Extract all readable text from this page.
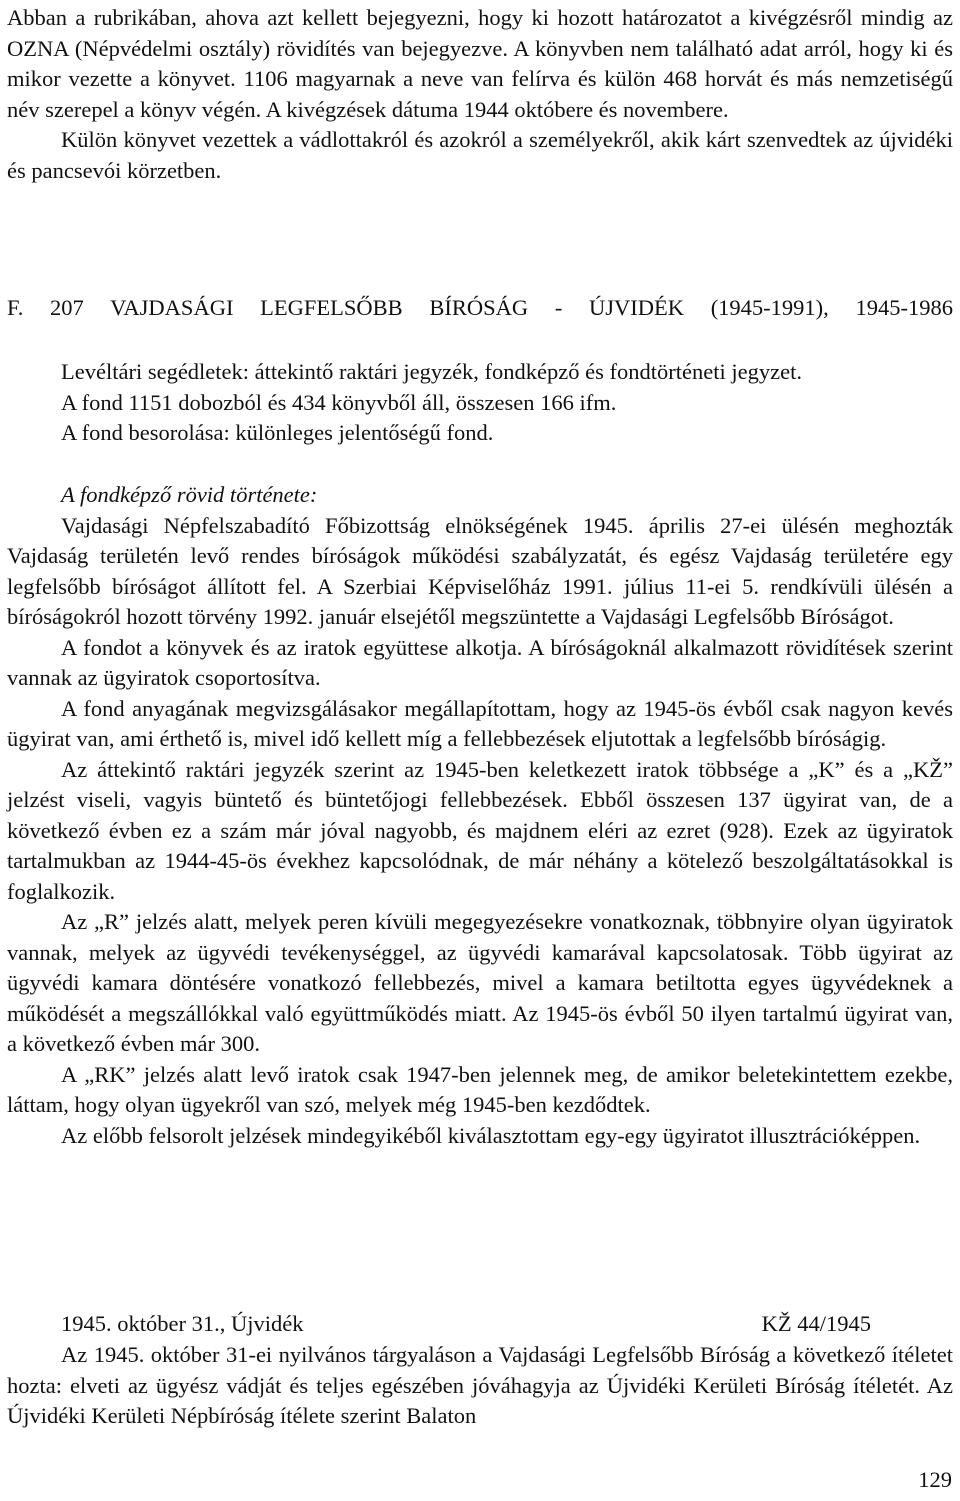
Abban a rubrikában, ahova azt kellett bejegyezni, hogy ki hozott határozatot a kivégzésről mindig az OZNA (Népvédelmi osztály) rövidítés van bejegyezve. A könyvben nem található adat arról, hogy ki és mikor vezette a könyvet. 1106 magyarnak a neve van felírva és külön 468 horvát és más nemzetiségű név szerepel a könyv végén. A kivégzések dátuma 1944 októbere és novembere.

Külön könyvet vezettek a vádlottakról és azokról a személyekről, akik kárt szenvedtek az újvidéki és pancsevói körzetben.

F. 207 VAJDASÁGI LEGFELSŐBB BÍRÓSÁG - ÚJVIDÉK (1945-1991), 1945-1986

Levéltári segédletek: áttekintő raktári jegyzék, fondképző és fondtörténeti jegyzet.

A fond 1151 dobozból és 434 könyvből áll, összesen 166 ifm.

A fond besorolása: különleges jelentőségű fond.

A fondképző rövid története:

Vajdasági Népfelszabadító Főbizottság elnökségének 1945. április 27-ei ülésén meghozták Vajdaság területén levő rendes bíróságok működési szabályzatát, és egész Vajdaság területére egy legfelsőbb bíróságot állított fel. A Szerbiai Képviselőház 1991. július 11-ei 5. rendkívüli ülésén a bíróságokról hozott törvény 1992. január elsejétől megszüntette a Vajdasági Legfelsőbb Bíróságot.

A fondot a könyvek és az iratok együttese alkotja. A bíróságoknál alkalmazott rövidítések szerint vannak az ügyiratok csoportosítva.

A fond anyagának megvizsgálásakor megállapítottam, hogy az 1945-ös évből csak nagyon kevés ügyirat van, ami érthető is, mivel idő kellett míg a fellebbezések eljutottak a legfelsőbb bíróságig.

Az áttekintő raktári jegyzék szerint az 1945-ben keletkezett iratok többsége a „K” és a „KŽ” jelzést viseli, vagyis büntető és büntetőjogi fellebbezések. Ebből összesen 137 ügyirat van, de a következő évben ez a szám már jóval nagyobb, és majdnem eléri az ezret (928). Ezek az ügyiratok tartalmukban az 1944-45-ös évekhez kapcsolódnak, de már néhány a kötelező beszolgáltatásokkal is foglalkozik.

Az „R” jelzés alatt, melyek peren kívüli megegyezésekre vonatkoznak, többnyire olyan ügyiratok vannak, melyek az ügyvédi tevékenységgel, az ügyvédi kamarával kapcsolatosak. Több ügyirat az ügyvédi kamara döntésére vonatkozó fellebbezés, mivel a kamara betiltotta egyes ügyvédeknek a működését a megszállókkal való együttműködés miatt. Az 1945-ös évből 50 ilyen tartalmú ügyirat van, a következő évben már 300.

A „RK” jelzés alatt levő iratok csak 1947-ben jelennek meg, de amikor beletekintettem ezekbe, láttam, hogy olyan ügyekről van szó, melyek még 1945-ben kezdődtek.

Az előbb felsorolt jelzések mindegyikéből kiválasztottam egy-egy ügyiratot illusztrációképpen.

1945. október 31., Újvidék	KŽ 44/1945

Az 1945. október 31-ei nyilvános tárgyaláson a Vajdasági Legfelsőbb Bíróság a következő ítéletet hozta: elveti az ügyész vádját és teljes egészében jóváhagyja az Újvidéki Kerületi Bíróság ítéletét. Az Újvidéki Kerületi Népbíróság ítélete szerint Balaton

129
